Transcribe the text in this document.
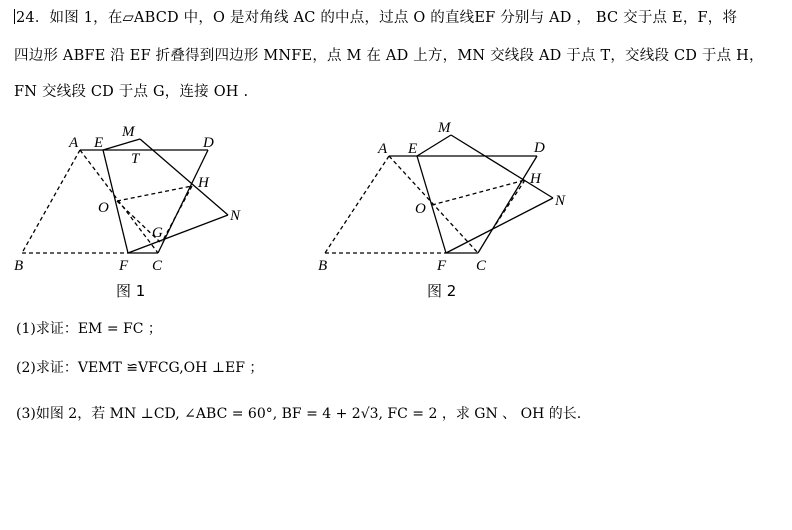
24．如图 1，在▱ABCD 中，O 是对角线 AC 的中点，过点 O 的直线EF 分别与 AD ， BC 交于点 E，F，将
四边形 ABFE 沿 EF 折叠得到四边形 MNFE，点 M 在 AD 上方，MN 交线段 AD 于点 T，交线段 CD 于点 H，
FN 交线段 CD 于点 G，连接 OH .
A E
M
D
T
H
O	N
G
B	F C
图 1
A E
M
D
H
O	N
B	F C
图 2
(1)求证：EM = FC ；
(2)求证：VEMT ≌VFCG,OH ⊥EF ；
(3)如图 2，若 MN ⊥CD, ∠ABC = 60°, BF = 4 + 2√3, FC = 2 ，求 GN 、 OH 的长.
